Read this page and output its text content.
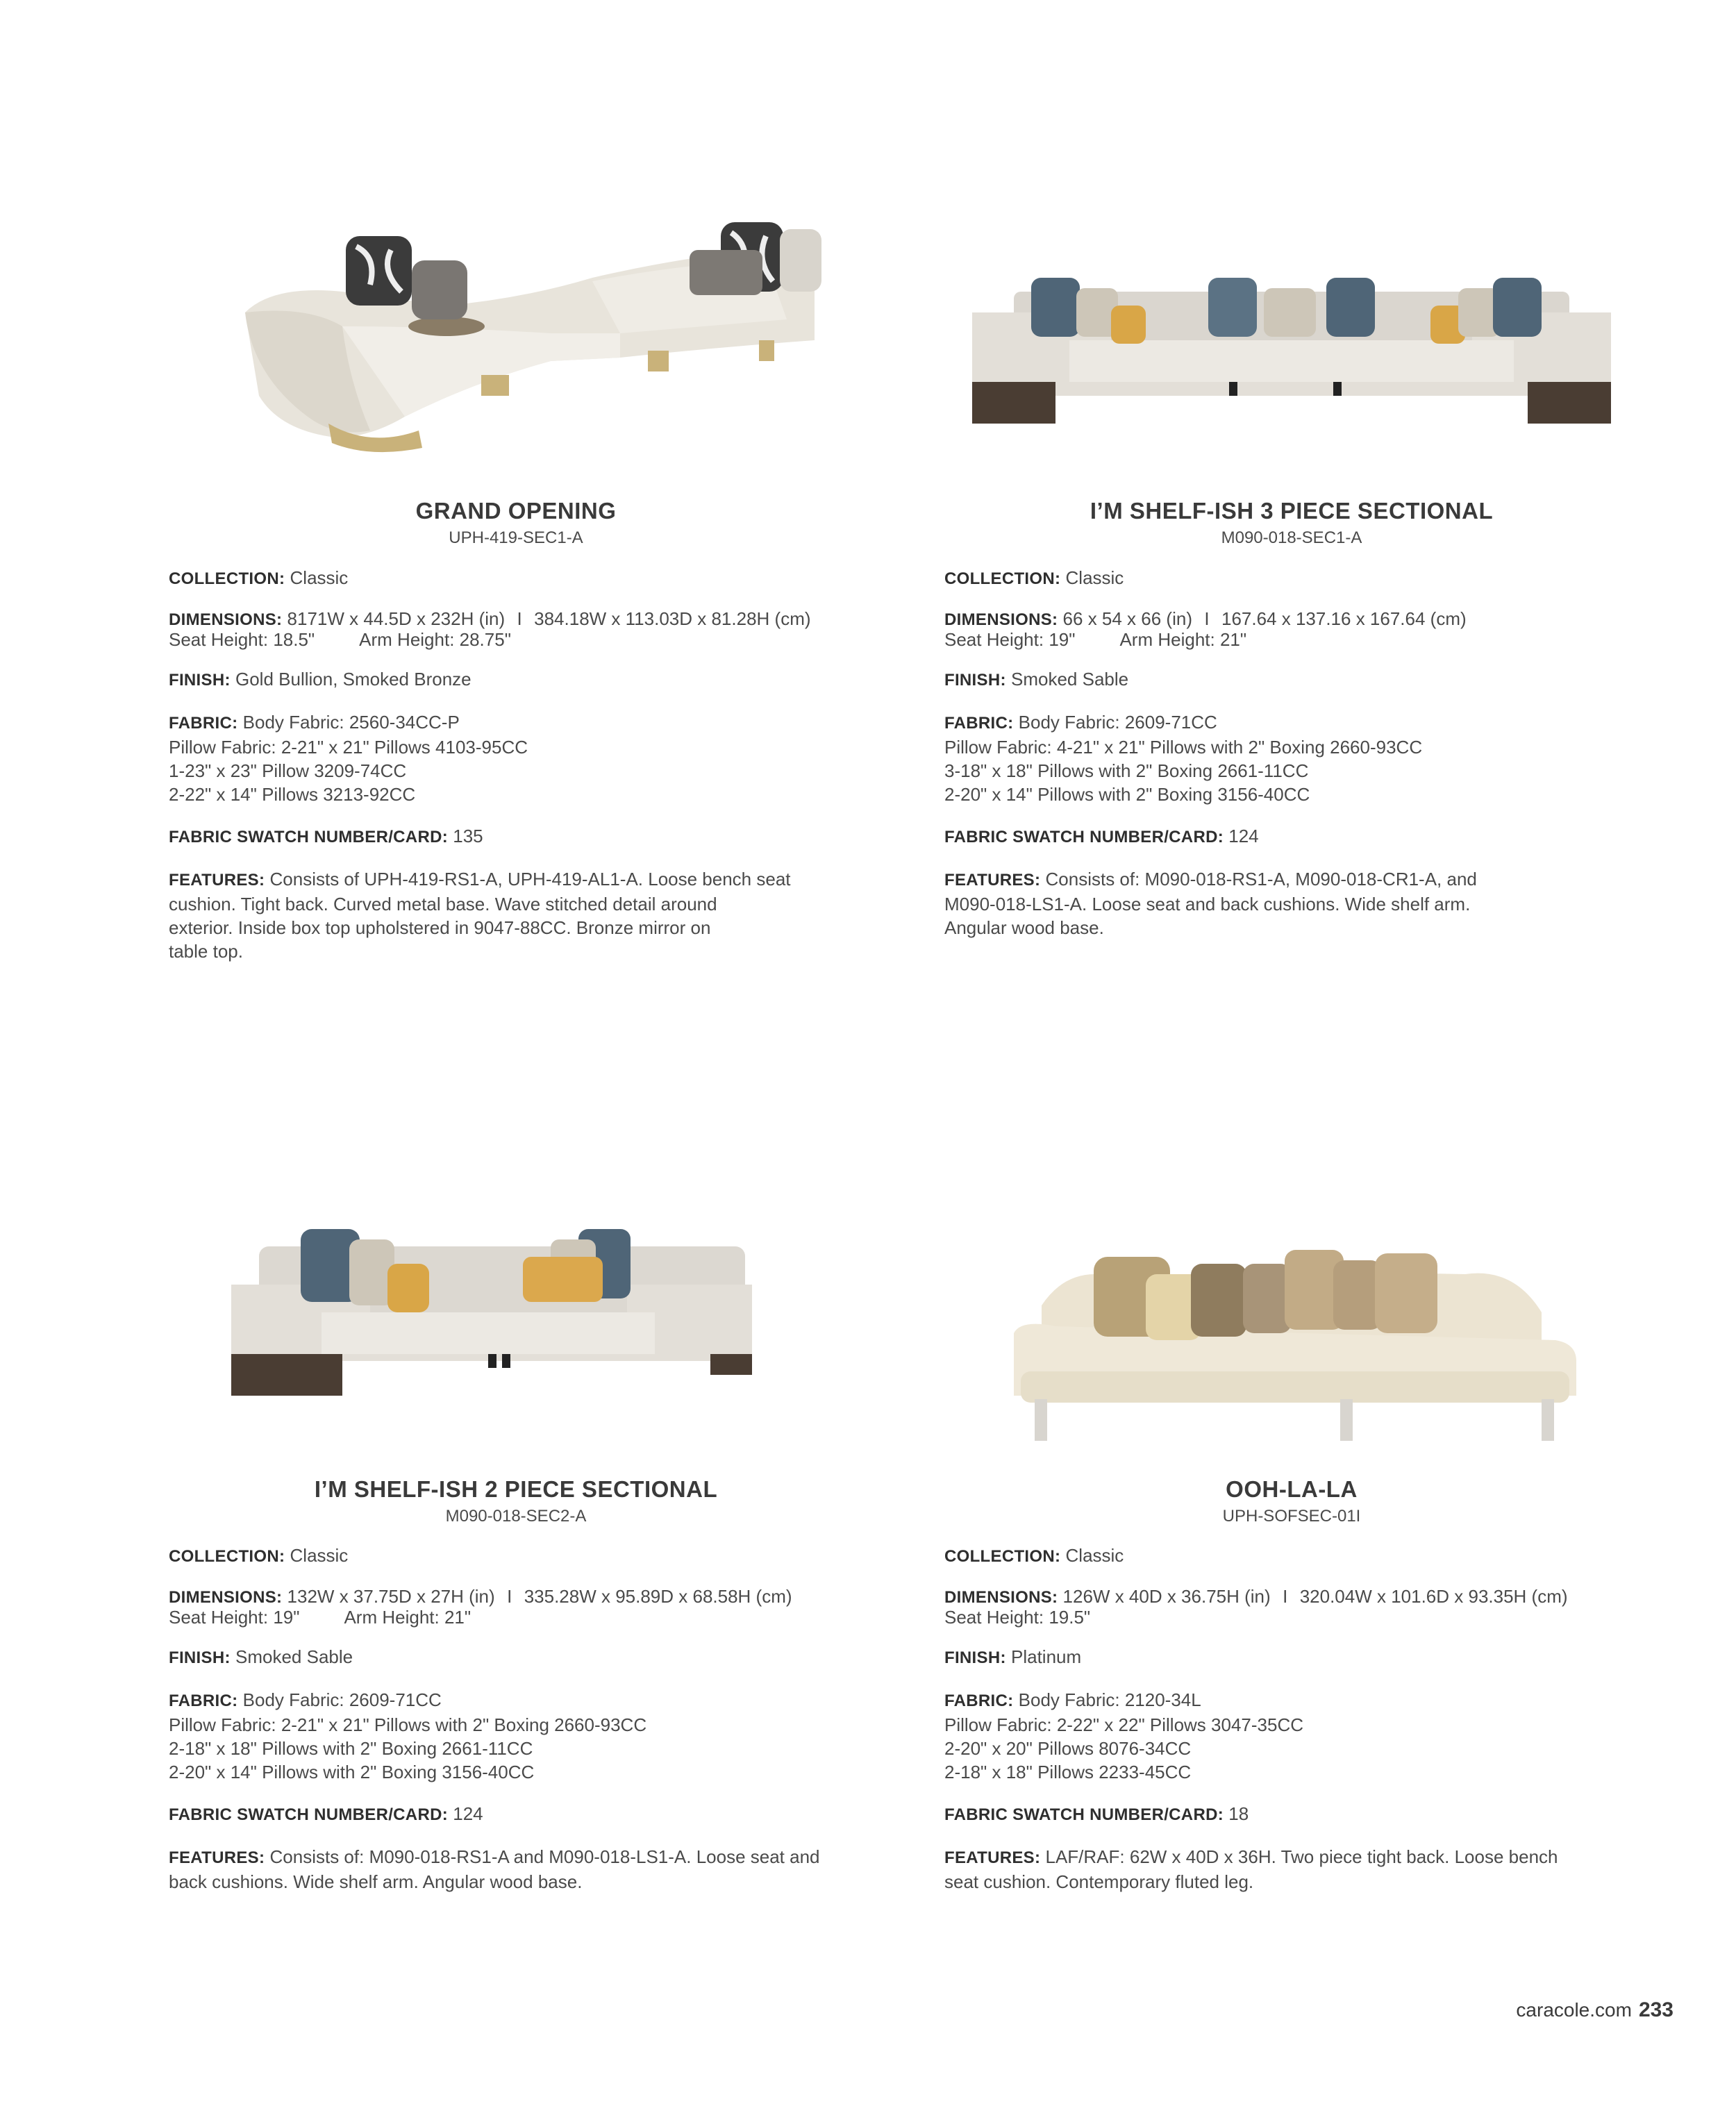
GRAND OPENING
UPH-419-SEC1-A
COLLECTION: Classic
DIMENSIONS: 8171W x 44.5D x 232H (in) I 384.18W x 113.03D x 81.28H (cm)
Seat Height: 18.5" Arm Height: 28.75"
FINISH: Gold Bullion, Smoked Bronze
FABRIC: Body Fabric: 2560-34CC-P
Pillow Fabric: 2-21" x 21" Pillows 4103-95CC
1-23" x 23" Pillow 3209-74CC
2-22" x 14" Pillows 3213-92CC
FABRIC SWATCH NUMBER/CARD: 135
FEATURES: Consists of UPH-419-RS1-A, UPH-419-AL1-A. Loose bench seat
cushion. Tight back. Curved metal base. Wave stitched detail around
exterior. Inside box top upholstered in 9047-88CC. Bronze mirror on
table top.
I’M SHELF-ISH 3 PIECE SECTIONAL
M090-018-SEC1-A
COLLECTION: Classic
DIMENSIONS: 66 x 54 x 66 (in) I 167.64 x 137.16 x 167.64 (cm)
Seat Height: 19" Arm Height: 21"
FINISH: Smoked Sable
FABRIC: Body Fabric: 2609-71CC
Pillow Fabric: 4-21" x 21" Pillows with 2" Boxing 2660-93CC
3-18" x 18" Pillows with 2" Boxing 2661-11CC
2-20" x 14" Pillows with 2" Boxing 3156-40CC
FABRIC SWATCH NUMBER/CARD: 124
FEATURES: Consists of: M090-018-RS1-A, M090-018-CR1-A, and
M090-018-LS1-A. Loose seat and back cushions. Wide shelf arm.
Angular wood base.
I’M SHELF-ISH 2 PIECE SECTIONAL
M090-018-SEC2-A
COLLECTION: Classic
DIMENSIONS: 132W x 37.75D x 27H (in) I 335.28W x 95.89D x 68.58H (cm)
Seat Height: 19" Arm Height: 21"
FINISH: Smoked Sable
FABRIC: Body Fabric: 2609-71CC
Pillow Fabric: 2-21" x 21" Pillows with 2" Boxing 2660-93CC
2-18" x 18" Pillows with 2" Boxing 2661-11CC
2-20" x 14" Pillows with 2" Boxing 3156-40CC
FABRIC SWATCH NUMBER/CARD: 124
FEATURES: Consists of: M090-018-RS1-A and M090-018-LS1-A. Loose seat and
back cushions. Wide shelf arm. Angular wood base.
OOH-LA-LA
UPH-SOFSEC-01I
COLLECTION: Classic
DIMENSIONS: 126W x 40D x 36.75H (in) I 320.04W x 101.6D x 93.35H (cm)
Seat Height: 19.5"
FINISH: Platinum
FABRIC: Body Fabric: 2120-34L
Pillow Fabric: 2-22" x 22" Pillows 3047-35CC
2-20" x 20" Pillows 8076-34CC
2-18" x 18" Pillows 2233-45CC
FABRIC SWATCH NUMBER/CARD: 18
FEATURES: LAF/RAF: 62W x 40D x 36H. Two piece tight back. Loose bench
seat cushion. Contemporary fluted leg.
caracole.com 233
